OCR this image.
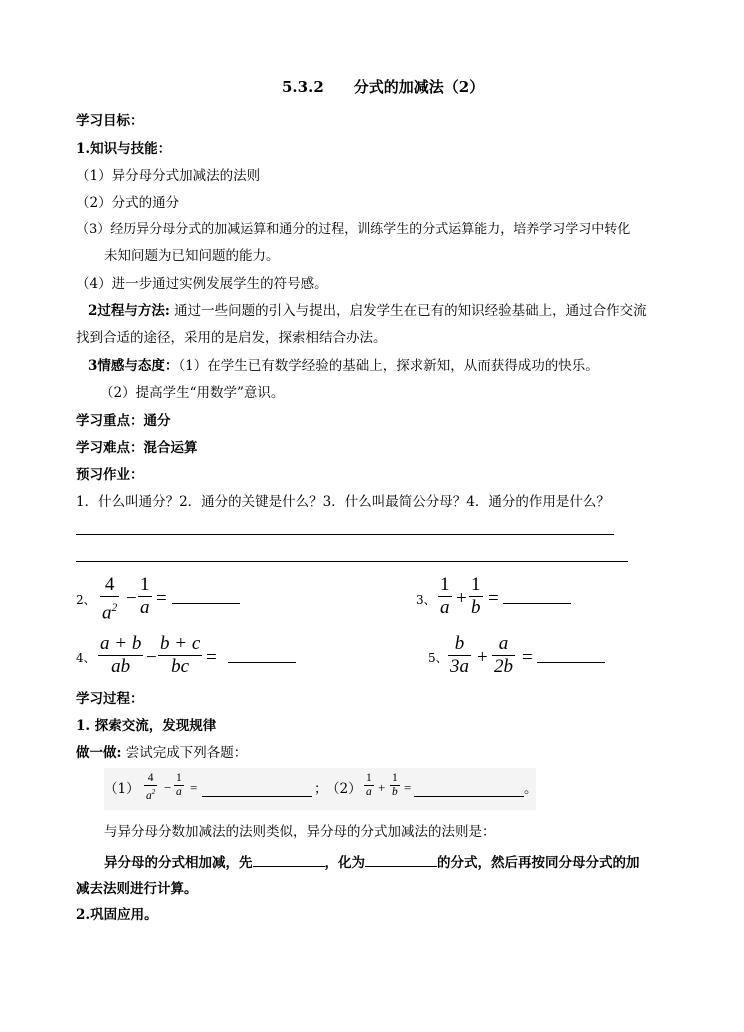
5.3.2　　分式的加减法（2）
学习目标：
1.知识与技能：
（1）异分母分式加减法的法则
（2）分式的通分
（3）经历异分母分式的加减运算和通分的过程，训练学生的分式运算能力，培养学习学习中转化
未知问题为已知问题的能力。
（4）进一步通过实例发展学生的符号感。
2过程与方法: 通过一些问题的引入与提出，启发学生在已有的知识经验基础上，通过合作交流
找到合适的途径，采用的是启发，探索相结合办法。
3情感与态度：（1）在学生已有数学经验的基础上，探求新知，从而获得成功的快乐。
（2）提高学生“用数学”意识。
学习重点：通分
学习难点：混合运算
预习作业：
1．什么叫通分？2．通分的关键是什么？3．什么叫最简公分母？4．通分的作用是什么？
2、
4
$a^2$ −
1
a =	3、
1
a +
1
b =
4、
a + b
ab −
b + c
bc =	5、
b
3a +
a
2b =
学习过程：
1. 探索交流，发现规律
做一做: 尝试完成下列各题：
（1）
4
$a^2$ −
1
a =	；
（2）
1
a +
1
b =	。
与异分母分数加减法的法则类似，异分母的分式加减法的法则是：
异分母的分式相加减，先	，化为	的分式，然后再按同分母分式的加
减去法则进行计算。
2.巩固应用。
